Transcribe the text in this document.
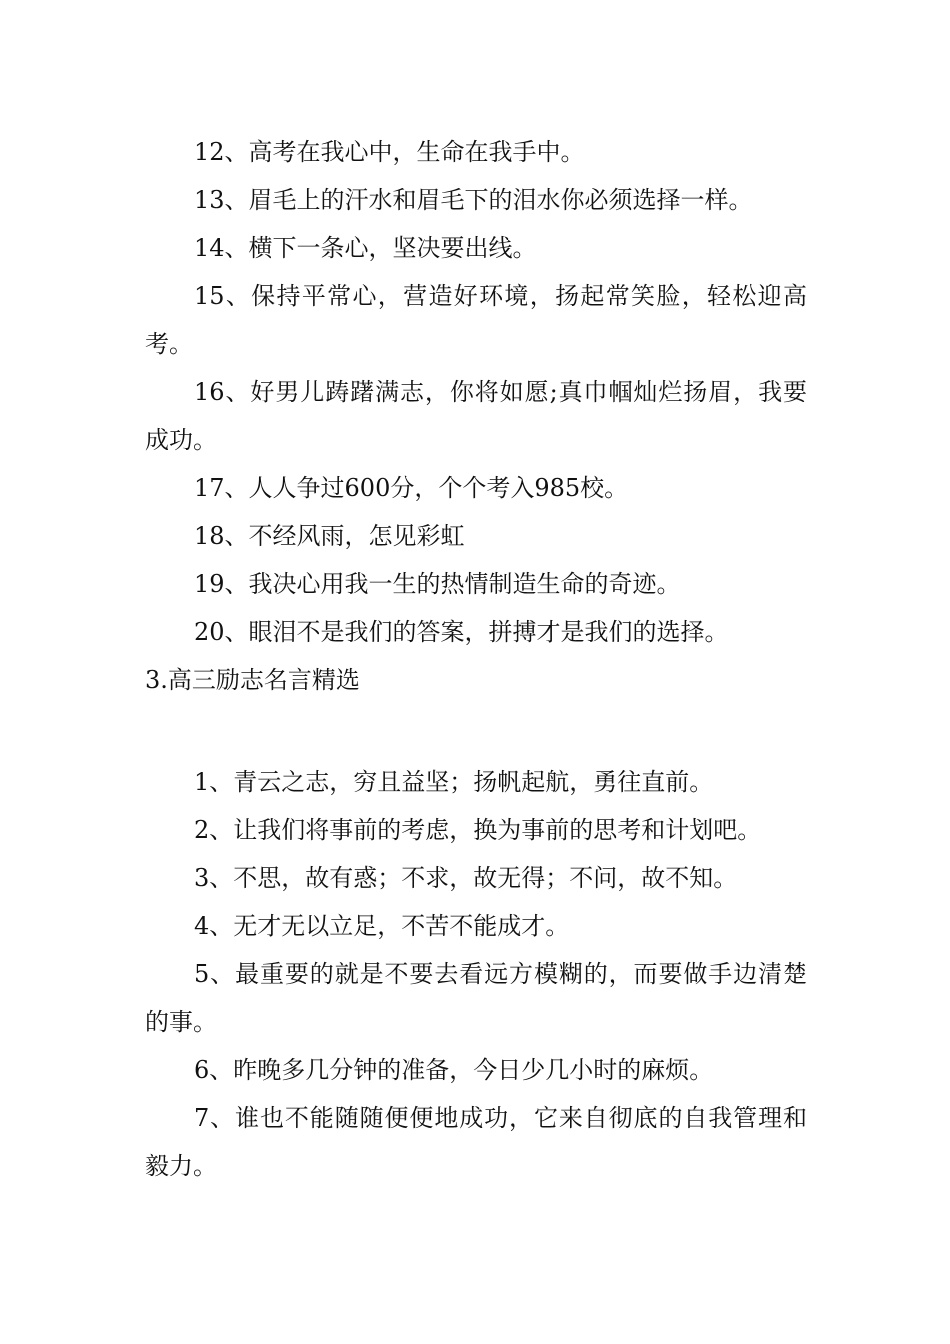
12、高考在我心中，生命在我手中。

13、眉毛上的汗水和眉毛下的泪水你必须选择一样。

14、横下一条心，坚决要出线。

15、保持平常心，营造好环境，扬起常笑脸，轻松迎高考。

16、好男儿踌躇满志，你将如愿;真巾帼灿烂扬眉，我要成功。

17、人人争过600分，个个考入985校。

18、不经风雨，怎见彩虹

19、我决心用我一生的热情制造生命的奇迹。

20、眼泪不是我们的答案，拼搏才是我们的选择。

3.高三励志名言精选

1、青云之志，穷且益坚；扬帆起航，勇往直前。

2、让我们将事前的考虑，换为事前的思考和计划吧。

3、不思，故有惑；不求，故无得；不问，故不知。

4、无才无以立足，不苦不能成才。

5、最重要的就是不要去看远方模糊的，而要做手边清楚的事。

6、昨晚多几分钟的准备，今日少几小时的麻烦。

7、谁也不能随随便便地成功，它来自彻底的自我管理和毅力。
